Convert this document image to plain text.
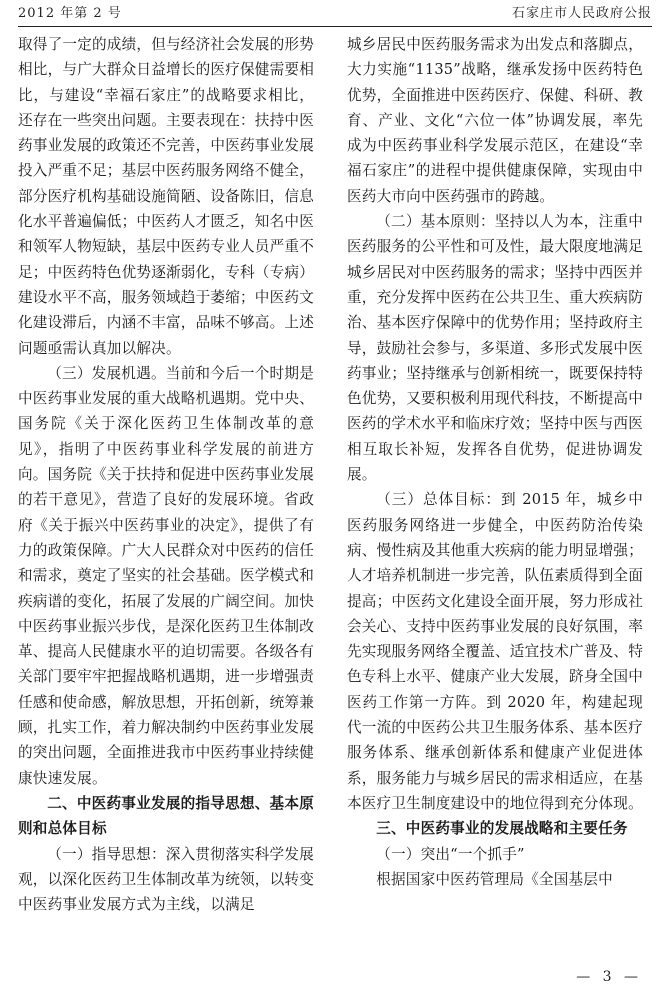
2012 年第 2 号	石家庄市人民政府公报

取得了一定的成绩，但与经济社会发展的形势相比，与广大群众日益增长的医疗保健需要相比，与建设“幸福石家庄”的战略要求相比，还存在一些突出问题。主要表现在：扶持中医药事业发展的政策还不完善，中医药事业发展投入严重不足；基层中医药服务网络不健全，部分医疗机构基础设施简陋、设备陈旧，信息化水平普遍偏低；中医药人才匮乏，知名中医和领军人物短缺，基层中医药专业人员严重不足；中医药特色优势逐渐弱化，专科（专病）建设水平不高，服务领域趋于萎缩；中医药文化建设滞后，内涵不丰富，品味不够高。上述问题亟需认真加以解决。

（三）发展机遇。当前和今后一个时期是中医药事业发展的重大战略机遇期。党中央、国务院《关于深化医药卫生体制改革的意见》，指明了中医药事业科学发展的前进方向。国务院《关于扶持和促进中医药事业发展的若干意见》，营造了良好的发展环境。省政府《关于振兴中医药事业的决定》，提供了有力的政策保障。广大人民群众对中医药的信任和需求，奠定了坚实的社会基础。医学模式和疾病谱的变化，拓展了发展的广阔空间。加快中医药事业振兴步伐，是深化医药卫生体制改革、提高人民健康水平的迫切需要。各级各有关部门要牢牢把握战略机遇期，进一步增强责任感和使命感，解放思想，开拓创新，统筹兼顾，扎实工作，着力解决制约中医药事业发展的突出问题，全面推进我市中医药事业持续健康快速发展。

二、中医药事业发展的指导思想、基本原则和总体目标

（一）指导思想：深入贯彻落实科学发展观，以深化医药卫生体制改革为统领，以转变中医药事业发展方式为主线，以满足

城乡居民中医药服务需求为出发点和落脚点，大力实施“1135”战略，继承发扬中医药特色优势，全面推进中医药医疗、保健、科研、教育、产业、文化“六位一体”协调发展，率先成为中医药事业科学发展示范区，在建设“幸福石家庄”的进程中提供健康保障，实现由中医药大市向中医药强市的跨越。

（二）基本原则：坚持以人为本，注重中医药服务的公平性和可及性，最大限度地满足城乡居民对中医药服务的需求；坚持中西医并重，充分发挥中医药在公共卫生、重大疾病防治、基本医疗保障中的优势作用；坚持政府主导，鼓励社会参与，多渠道、多形式发展中医药事业；坚持继承与创新相统一，既要保持特色优势，又要积极利用现代科技，不断提高中医药的学术水平和临床疗效；坚持中医与西医相互取长补短，发挥各自优势，促进协调发展。

（三）总体目标：到 2015 年，城乡中医药服务网络进一步健全，中医药防治传染病、慢性病及其他重大疾病的能力明显增强；人才培养机制进一步完善，队伍素质得到全面提高；中医药文化建设全面开展，努力形成社会关心、支持中医药事业发展的良好氛围，率先实现服务网络全覆盖、适宜技术广普及、特色专科上水平、健康产业大发展，跻身全国中医药工作第一方阵。到 2020 年，构建起现代一流的中医药公共卫生服务体系、基本医疗服务体系、继承创新体系和健康产业促进体系，服务能力与城乡居民的需求相适应，在基本医疗卫生制度建设中的地位得到充分体现。

三、中医药事业的发展战略和主要任务

（一）突出“一个抓手”

根据国家中医药管理局《全国基层中

— 3 —
